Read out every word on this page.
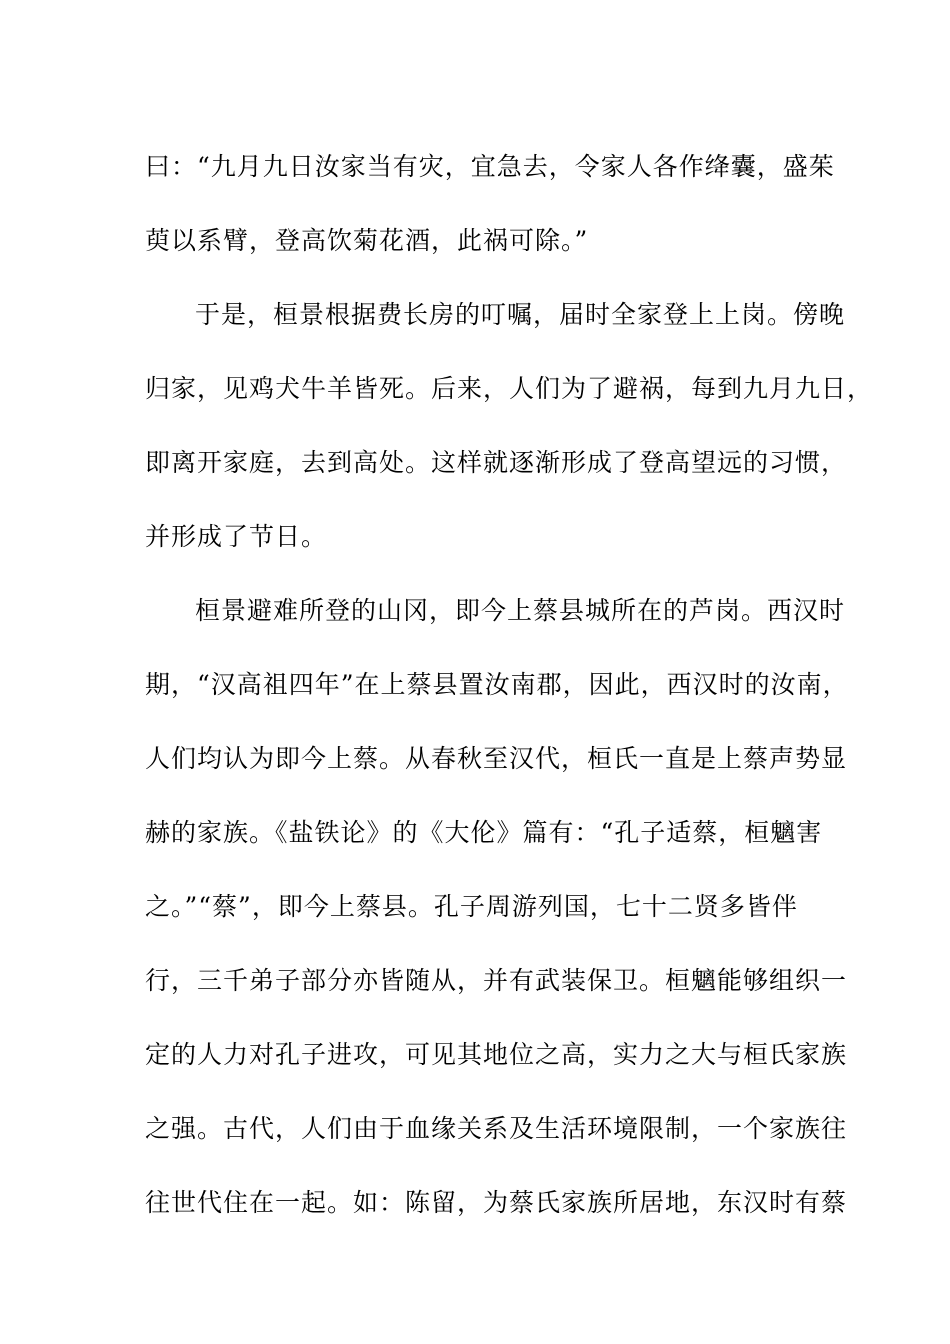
曰：“九月九日汝家当有灾，宜急去，令家人各作绛囊，盛茱
萸以系臂，登高饮菊花酒，此祸可除。”
于是，桓景根据费长房的叮嘱，届时全家登上上岗。傍晚
归家，见鸡犬牛羊皆死。后来，人们为了避祸，每到九月九日，
即离开家庭，去到高处。这样就逐渐形成了登高望远的习惯，
并形成了节日。
桓景避难所登的山冈，即今上蔡县城所在的芦岗。西汉时
期，“汉高祖四年”在上蔡县置汝南郡，因此，西汉时的汝南，
人们均认为即今上蔡。从春秋至汉代，桓氏一直是上蔡声势显
赫的家族。《盐铁论》的《大伦》篇有：“孔子适蔡，桓魑害
之。”“蔡”，即今上蔡县。孔子周游列国，七十二贤多皆伴
行，三千弟子部分亦皆随从，并有武装保卫。桓魑能够组织一
定的人力对孔子进攻，可见其地位之高，实力之大与桓氏家族
之强。古代，人们由于血缘关系及生活环境限制，一个家族往
往世代住在一起。如：陈留，为蔡氏家族所居地，东汉时有蔡
